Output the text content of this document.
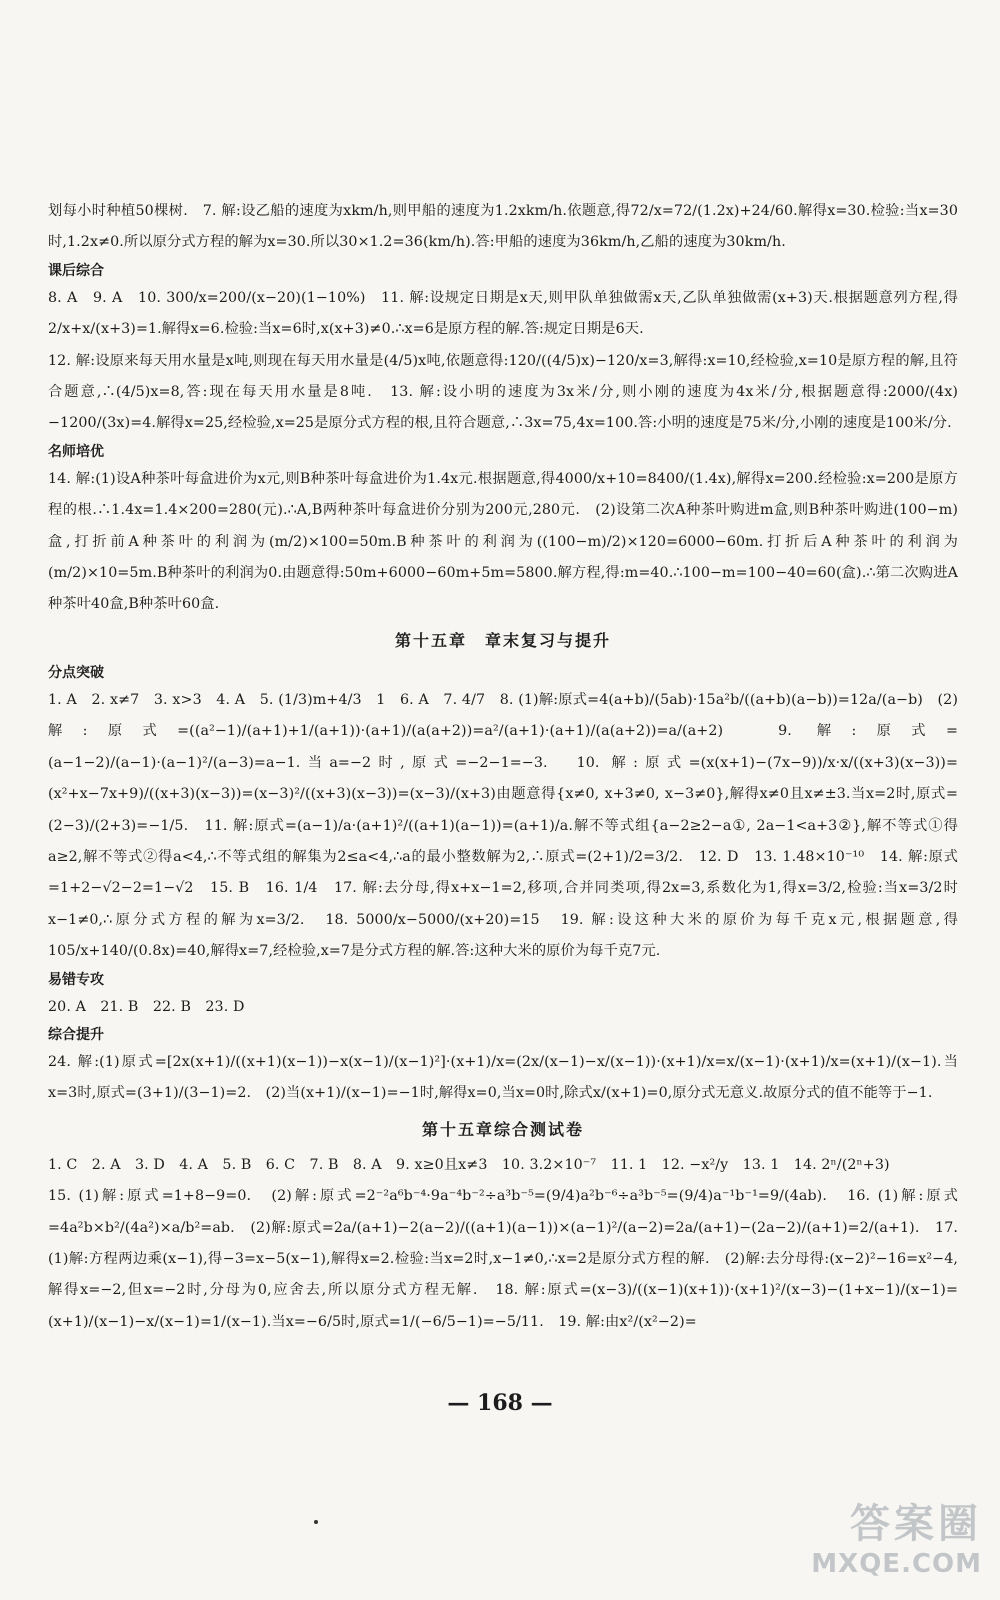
划每小时种植50棵树.　7. 解:设乙船的速度为xkm/h,则甲船的速度为1.2xkm/h.依题意,得72/x=72/(1.2x)+24/60.解得x=30.检验:当x=30时,1.2x≠0.所以原分式方程的解为x=30.所以30×1.2=36(km/h).答:甲船的速度为36km/h,乙船的速度为30km/h.

课后综合

8. A　9. A　10. 300/x=200/(x−20)(1−10%)　11. 解:设规定日期是x天,则甲队单独做需x天,乙队单独做需(x+3)天.根据题意列方程,得2/x+x/(x+3)=1.解得x=6.检验:当x=6时,x(x+3)≠0.∴x=6是原方程的解.答:规定日期是6天.

12. 解:设原来每天用水量是x吨,则现在每天用水量是(4/5)x吨,依题意得:120/((4/5)x)−120/x=3,解得:x=10,经检验,x=10是原方程的解,且符合题意,∴(4/5)x=8,答:现在每天用水量是8吨.　13. 解:设小明的速度为3x米/分,则小刚的速度为4x米/分,根据题意得:2000/(4x)−1200/(3x)=4.解得x=25,经检验,x=25是原分式方程的根,且符合题意,∴3x=75,4x=100.答:小明的速度是75米/分,小刚的速度是100米/分.

名师培优

14. 解:(1)设A种茶叶每盒进价为x元,则B种茶叶每盒进价为1.4x元.根据题意,得4000/x+10=8400/(1.4x),解得x=200.经检验:x=200是原方程的根.∴1.4x=1.4×200=280(元).∴A,B两种茶叶每盒进价分别为200元,280元.　(2)设第二次A种茶叶购进m盒,则B种茶叶购进(100−m)盒,打折前A种茶叶的利润为(m/2)×100=50m.B种茶叶的利润为((100−m)/2)×120=6000−60m.打折后A种茶叶的利润为(m/2)×10=5m.B种茶叶的利润为0.由题意得:50m+6000−60m+5m=5800.解方程,得:m=40.∴100−m=100−40=60(盒).∴第二次购进A种茶叶40盒,B种茶叶60盒.

第十五章　章末复习与提升

分点突破

1. A　2. x≠7　3. x>3　4. A　5. (1/3)m+4/3　1　6. A　7. 4/7　8. (1)解:原式=4(a+b)/(5ab)·15a²b/((a+b)(a−b))=12a/(a−b)　(2)解:原式=((a²−1)/(a+1)+1/(a+1))·(a+1)/(a(a+2))=a²/(a+1)·(a+1)/(a(a+2))=a/(a+2)　9. 解:原式=(a−1−2)/(a−1)·(a−1)²/(a−3)=a−1.当a=−2时,原式=−2−1=−3.　10. 解:原式=(x(x+1)−(7x−9))/x·x/((x+3)(x−3))=(x²+x−7x+9)/((x+3)(x−3))=(x−3)²/((x+3)(x−3))=(x−3)/(x+3)由题意得{x≠0, x+3≠0, x−3≠0},解得x≠0且x≠±3.当x=2时,原式=(2−3)/(2+3)=−1/5.　11. 解:原式=(a−1)/a·(a+1)²/((a+1)(a−1))=(a+1)/a.解不等式组{a−2≥2−a①, 2a−1<a+3②},解不等式①得a≥2,解不等式②得a<4,∴不等式组的解集为2≤a<4,∴a的最小整数解为2,∴原式=(2+1)/2=3/2.　12. D　13. 1.48×10⁻¹⁰　14. 解:原式=1+2−√2−2=1−√2　15. B　16. 1/4　17. 解:去分母,得x+x−1=2,移项,合并同类项,得2x=3,系数化为1,得x=3/2,检验:当x=3/2时x−1≠0,∴原分式方程的解为x=3/2.　18. 5000/x−5000/(x+20)=15　19. 解:设这种大米的原价为每千克x元,根据题意,得105/x+140/(0.8x)=40,解得x=7,经检验,x=7是分式方程的解.答:这种大米的原价为每千克7元.

易错专攻

20. A　21. B　22. B　23. D

综合提升

24. 解:(1)原式=[2x(x+1)/((x+1)(x−1))−x(x−1)/(x−1)²]·(x+1)/x=(2x/(x−1)−x/(x−1))·(x+1)/x=x/(x−1)·(x+1)/x=(x+1)/(x−1).当x=3时,原式=(3+1)/(3−1)=2.　(2)当(x+1)/(x−1)=−1时,解得x=0,当x=0时,除式x/(x+1)=0,原分式无意义.故原分式的值不能等于−1.

第十五章综合测试卷

1. C　2. A　3. D　4. A　5. B　6. C　7. B　8. A　9. x≥0且x≠3　10. 3.2×10⁻⁷　11. 1　12. −x²/y　13. 1　14. 2ⁿ/(2ⁿ+3)

15. (1)解:原式=1+8−9=0.　(2)解:原式=2⁻²a⁶b⁻⁴·9a⁻⁴b⁻²÷a³b⁻⁵=(9/4)a²b⁻⁶÷a³b⁻⁵=(9/4)a⁻¹b⁻¹=9/(4ab).　16. (1)解:原式=4a²b×b²/(4a²)×a/b²=ab.　(2)解:原式=2a/(a+1)−2(a−2)/((a+1)(a−1))×(a−1)²/(a−2)=2a/(a+1)−(2a−2)/(a+1)=2/(a+1).　17. (1)解:方程两边乘(x−1),得−3=x−5(x−1),解得x=2.检验:当x=2时,x−1≠0,∴x=2是原分式方程的解.　(2)解:去分母得:(x−2)²−16=x²−4,解得x=−2,但x=−2时,分母为0,应舍去,所以原分式方程无解.　18. 解:原式=(x−3)/((x−1)(x+1))·(x+1)²/(x−3)−(1+x−1)/(x−1)=(x+1)/(x−1)−x/(x−1)=1/(x−1).当x=−6/5时,原式=1/(−6/5−1)=−5/11.　19. 解:由x²/(x²−2)=

— 168 —
答案圈
MXQE.COM
